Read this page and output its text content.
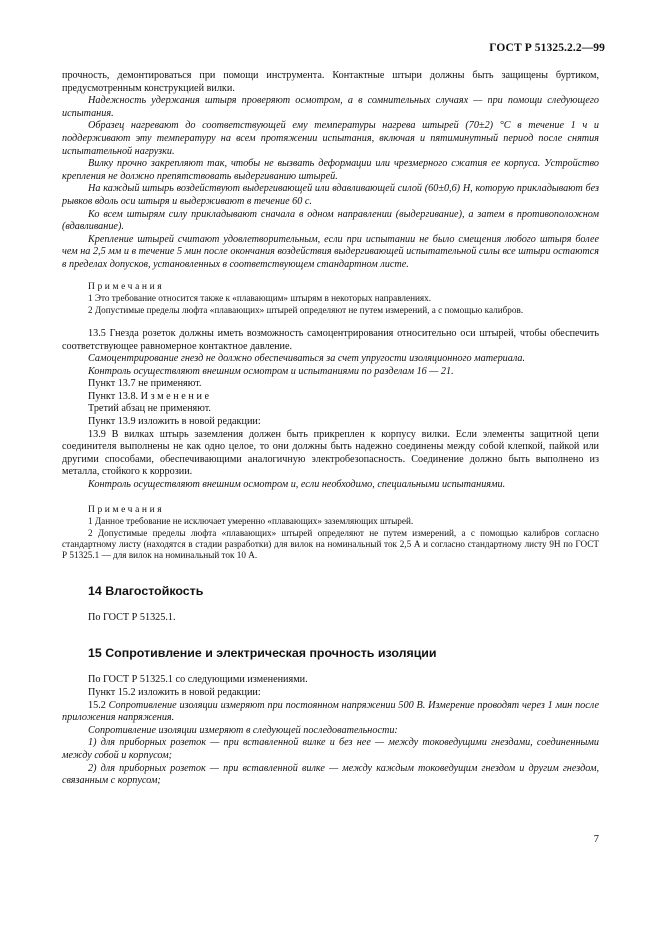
ГОСТ Р 51325.2.2—99

прочность, демонтироваться при помощи инструмента. Контактные штыри должны быть защищены буртиком, предусмотренным конструкцией вилки.

Надежность удержания штыря проверяют осмотром, а в сомнительных случаях — при помощи следующего испытания.

Образец нагревают до соответствующей ему температуры нагрева штырей (70±2) °С в течение 1 ч и поддерживают эту температуру на всем протяжении испытания, включая и пятиминутный период после снятия испытательной нагрузки.

Вилку прочно закрепляют так, чтобы не вызвать деформации или чрезмерного сжатия ее корпуса. Устройство крепления не должно препятствовать выдергиванию штырей.

На каждый штырь воздействуют выдергивающей или вдавливающей силой (60±0,6) Н, которую прикладывают без рывков вдоль оси штыря и выдерживают в течение 60 с.

Ко всем штырям силу прикладывают сначала в одном направлении (выдергивание), а затем в противоположном (вдавливание).

Крепление штырей считают удовлетворительным, если при испытании не было смещения любого штыря более чем на 2,5 мм и в течение 5 мин после окончания воздействия выдергивающей испытательной силы все штыри остаются в пределах допусков, установленных в соответствующем стандартном листе.

Примечания

1 Это требование относится также к «плавающим» штырям в некоторых направлениях.

2 Допустимые пределы люфта «плавающих» штырей определяют не путем измерений, а с помощью калибров.

13.5 Гнезда розеток должны иметь возможность самоцентрирования относительно оси штырей, чтобы обеспечить соответствующее равномерное контактное давление.

Самоцентрирование гнезд не должно обеспечиваться за счет упругости изоляционного материала.

Контроль осуществляют внешним осмотром и испытаниями по разделам 16 — 21.

Пункт 13.7 не применяют.

Пункт 13.8. Изменение

Третий абзац не применяют.

Пункт 13.9 изложить в новой редакции:

13.9 В вилках штырь заземления должен быть прикреплен к корпусу вилки. Если элементы защитной цепи соединителя выполнены не как одно целое, то они должны быть надежно соединены между собой клепкой, пайкой или другими способами, обеспечивающими аналогичную электробезопасность. Соединение должно быть выполнено из металла, стойкого к коррозии.

Контроль осуществляют внешним осмотром и, если необходимо, специальными испытаниями.

Примечания

1 Данное требование не исключает умеренно «плавающих» заземляющих штырей.

2 Допустимые пределы люфта «плавающих» штырей определяют не путем измерений, а с помощью калибров согласно стандартному листу (находятся в стадии разработки) для вилок на номинальный ток 2,5 А и согласно стандартному листу 9Н по ГОСТ Р 51325.1 — для вилок на номинальный ток 10 А.

14 Влагостойкость

По ГОСТ Р 51325.1.

15 Сопротивление и электрическая прочность изоляции

По ГОСТ Р 51325.1 со следующими изменениями.

Пункт 15.2 изложить в новой редакции:

15.2 Сопротивление изоляции измеряют при постоянном напряжении 500 В. Измерение проводят через 1 мин после приложения напряжения.

Сопротивление изоляции измеряют в следующей последовательности:

1) для приборных розеток — при вставленной вилке и без нее — между токоведущими гнездами, соединенными между собой и корпусом;

2) для приборных розеток — при вставленной вилке — между каждым токоведущим гнездом и другим гнездом, связанным с корпусом;

7
